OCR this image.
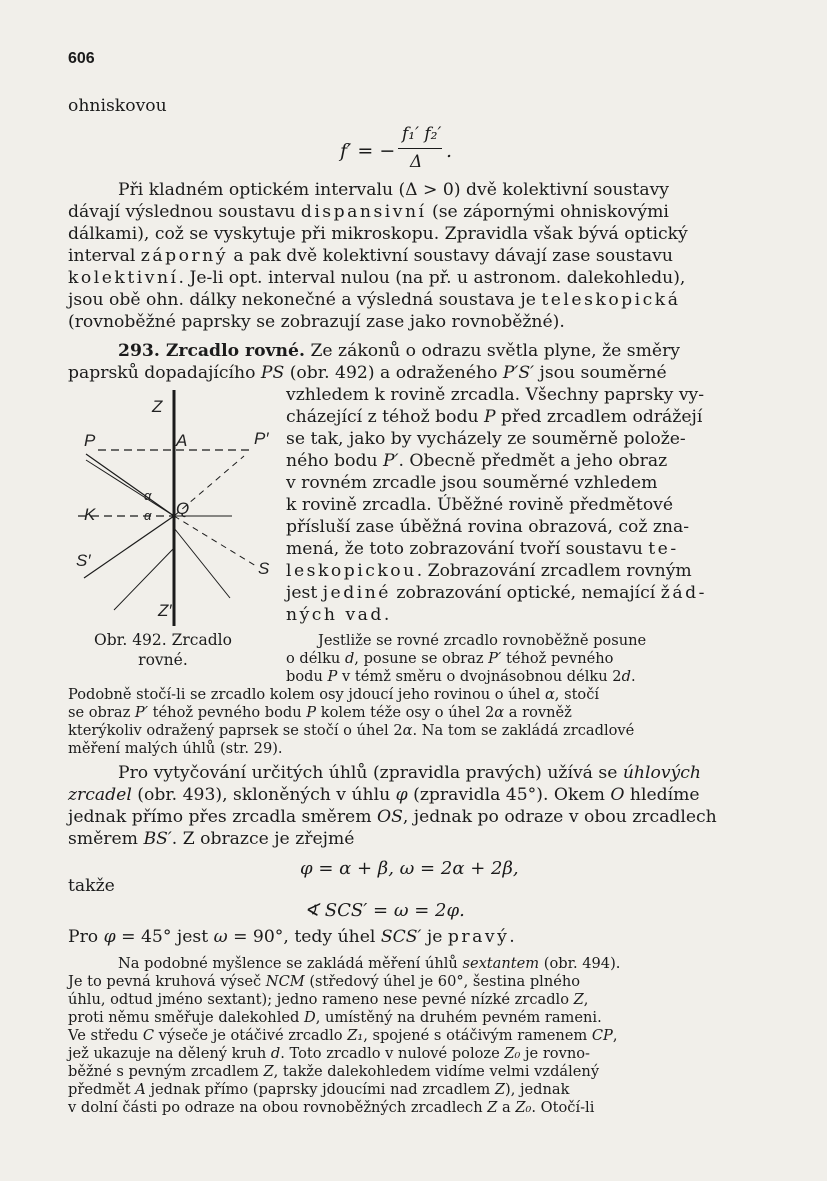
606
ohniskovou
f′ = −
f₁′ f₂′
Δ .
Při kladném optickém intervalu (Δ > 0) dvě kolektivní soustavy
dávají výslednou soustavu dispansivní (se zápornými ohniskovými
dálkami), což se vyskytuje při mikroskopu. Zpravidla však bývá optický
interval záporný a pak dvě kolektivní soustavy dávají zase soustavu
kolektivní. Je-li opt. interval nulou (na př. u astronom. dalekohledu),
jsou obě ohn. dálky nekonečné a výsledná soustava je teleskopická
(rovnoběžné paprsky se zobrazují zase jako rovnoběžné).
293. Zrcadlo rovné. Ze zákonů o odrazu světla plyne, že směry
paprsků dopadajícího PS (obr. 492) a odraženého P′S′ jsou souměrné
vzhledem k rovině zrcadla. Všechny paprsky vy-
cházející z téhož bodu P před zrcadlem odrážejí
se tak, jako by vycházely ze souměrně polože-
ného bodu P′. Obecně předmět a jeho obraz
v rovném zrcadle jsou souměrné vzhledem
k rovině zrcadla. Úběžné rovině předmětové
přísluší zase úběžná rovina obrazová, což zna-
mená, že toto zobrazování tvoří soustavu te-
leskopickou. Zobrazování zrcadlem rovným
jest jediné zobrazování optické, nemající žád-
ných vad.
Z
Z′
P	P′
A
K	Q
S
S′
α
α
Obr. 492. Zrcadlo
rovné.
Jestliže se rovné zrcadlo rovnoběžně posune
o délku d, posune se obraz P′ téhož pevného
bodu P v témž směru o dvojnásobnou délku 2d.
Podobně stočí-li se zrcadlo kolem osy jdoucí jeho rovinou o úhel α, stočí
se obraz P′ téhož pevného bodu P kolem téže osy o úhel 2α a rovněž
kterýkoliv odražený paprsek se stočí o úhel 2α. Na tom se zakládá zrcadlové
měření malých úhlů (str. 29).
Pro vytyčování určitých úhlů (zpravidla pravých) užívá se úhlových
zrcadel (obr. 493), skloněných v úhlu φ (zpravidla 45°). Okem O hledíme
jednak přímo přes zrcadla směrem OS, jednak po odraze v obou zrcadlech
směrem BS′. Z obrazce je zřejmé
φ = α + β, ω = 2α + 2β,
takže
∢ SCS′ = ω = 2φ.
Pro φ = 45° jest ω = 90°, tedy úhel SCS′ je pravý.
Na podobné myšlence se zakládá měření úhlů sextantem (obr. 494).
Je to pevná kruhová výseč NCM (středový úhel je 60°, šestina plného
úhlu, odtud jméno sextant); jedno rameno nese pevné nízké zrcadlo Z,
proti němu směřuje dalekohled D, umístěný na druhém pevném rameni.
Ve středu C výseče je otáčivé zrcadlo Z₁, spojené s otáčivým ramenem CP,
jež ukazuje na dělený kruh d. Toto zrcadlo v nulové poloze Z₀ je rovno-
běžné s pevným zrcadlem Z, takže dalekohledem vidíme velmi vzdálený
předmět A jednak přímo (paprsky jdoucími nad zrcadlem Z), jednak
v dolní části po odraze na obou rovnoběžných zrcadlech Z a Z₀. Otočí-li
